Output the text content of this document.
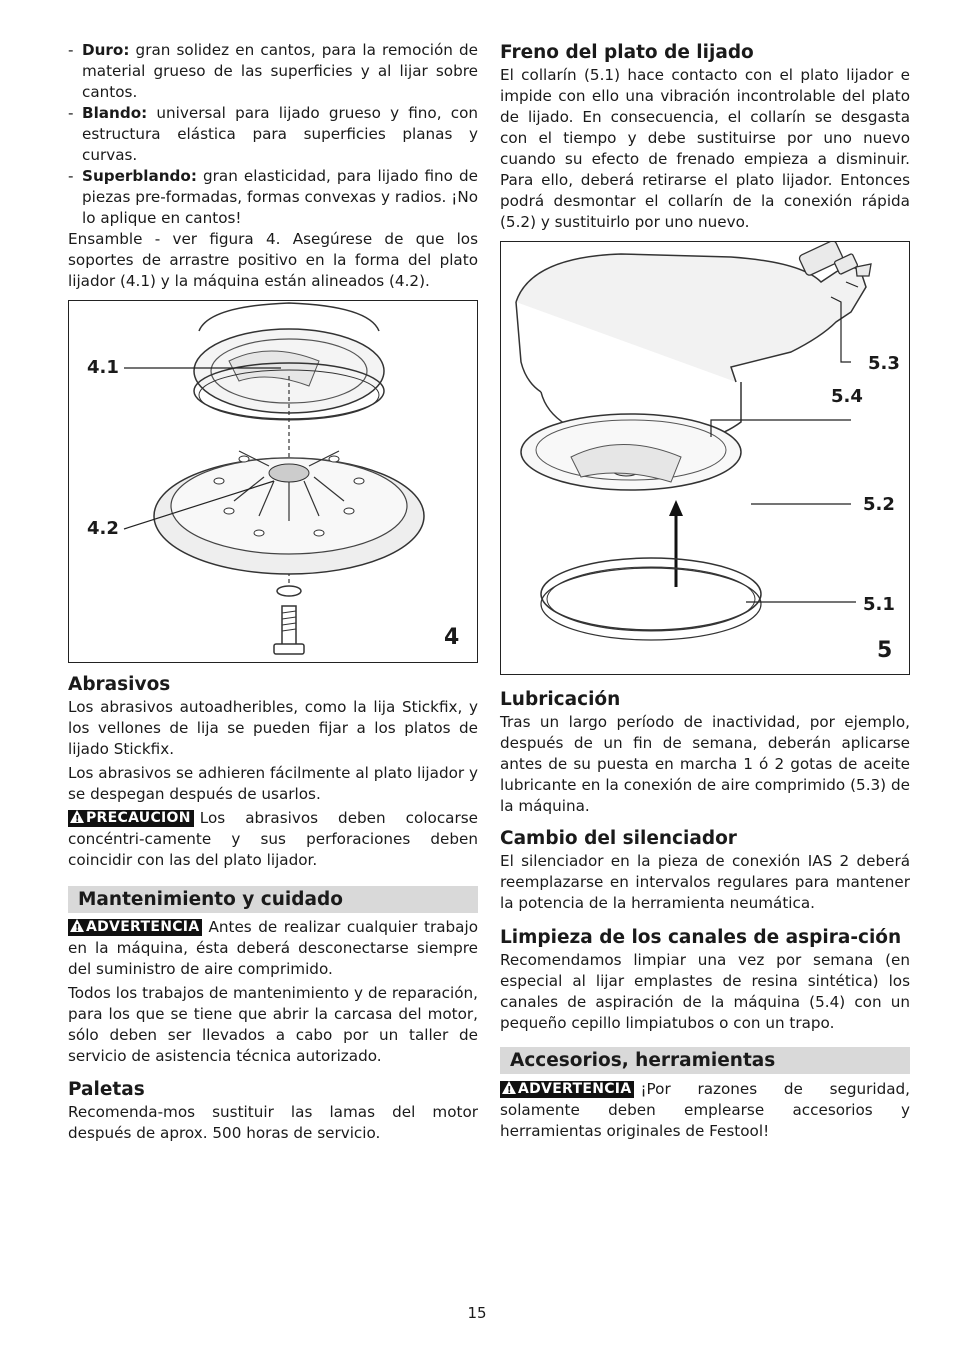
- Duro: gran solidez en cantos, para la remoción de material grueso de las superficies y al lijar sobre cantos.
- Blando: universal para lijado grueso y fino, con estructura elástica para superficies planas y curvas.
- Superblando: gran elasticidad, para lijado fino de piezas pre-formadas, formas convexas y radios. ¡No lo aplique en cantos!

Ensamble - ver figura 4. Asegúrese de que los soportes de arrastre positivo en la forma del plato lijador (4.1) y la máquina están alineados (4.2).

4.1
4.2
4
Abrasivos

Los abrasivos autoadheribles, como la lija Stickfix, y los vellones de lija se pueden fijar a los platos de lijado Stickfix.

Los abrasivos se adhieren fácilmente al plato lijador y se despegan después de usarlos.

!PRECAUCION Los abrasivos deben colocarse concéntri-camente y sus perforaciones deben coincidir con las del plato lijador.

Mantenimiento y cuidado

!ADVERTENCIA Antes de realizar cualquier trabajo en la máquina, ésta deberá desconectarse siempre del suministro de aire comprimido.

Todos los trabajos de mantenimiento y de reparación, para los que se tiene que abrir la carcasa del motor, sólo deben ser llevados a cabo por un taller de servicio de asistencia técnica autorizado.

Paletas

Recomenda-mos sustituir las lamas del motor después de aprox. 500 horas de servicio.

Freno del plato de lijado

El collarín (5.1) hace contacto con el plato lijador e impide con ello una vibración incontrolable del plato de lijado. En consecuencia, el collarín se desgasta con el tiempo y debe sustituirse por uno nuevo cuando su efecto de frenado empieza a disminuir. Para ello, deberá retirarse el plato lijador. Entonces podrá desmontar el collarín de la conexión rápida (5.2) y sustituirlo por uno nuevo.

5.3
5.4
5.2
5.1
5
Lubricación

Tras un largo período de inactividad, por ejemplo, después de un fin de semana, deberán aplicarse antes de su puesta en marcha 1 ó 2 gotas de aceite lubricante en la conexión de aire comprimido (5.3) de la máquina.

Cambio del silenciador

El silenciador en la pieza de conexión IAS 2 deberá reemplazarse en intervalos regulares para mantener la potencia de la herramienta neumática.

Limpieza de los canales de aspira-ción

Recomendamos limpiar una vez por semana (en especial al lijar emplastes de resina sintética) los canales de aspiración de la máquina (5.4) con un pequeño cepillo limpiatubos o con un trapo.

Accesorios, herramientas

!ADVERTENCIA ¡Por razones de seguridad, solamente deben emplearse accesorios y herramientas originales de Festool!

15
